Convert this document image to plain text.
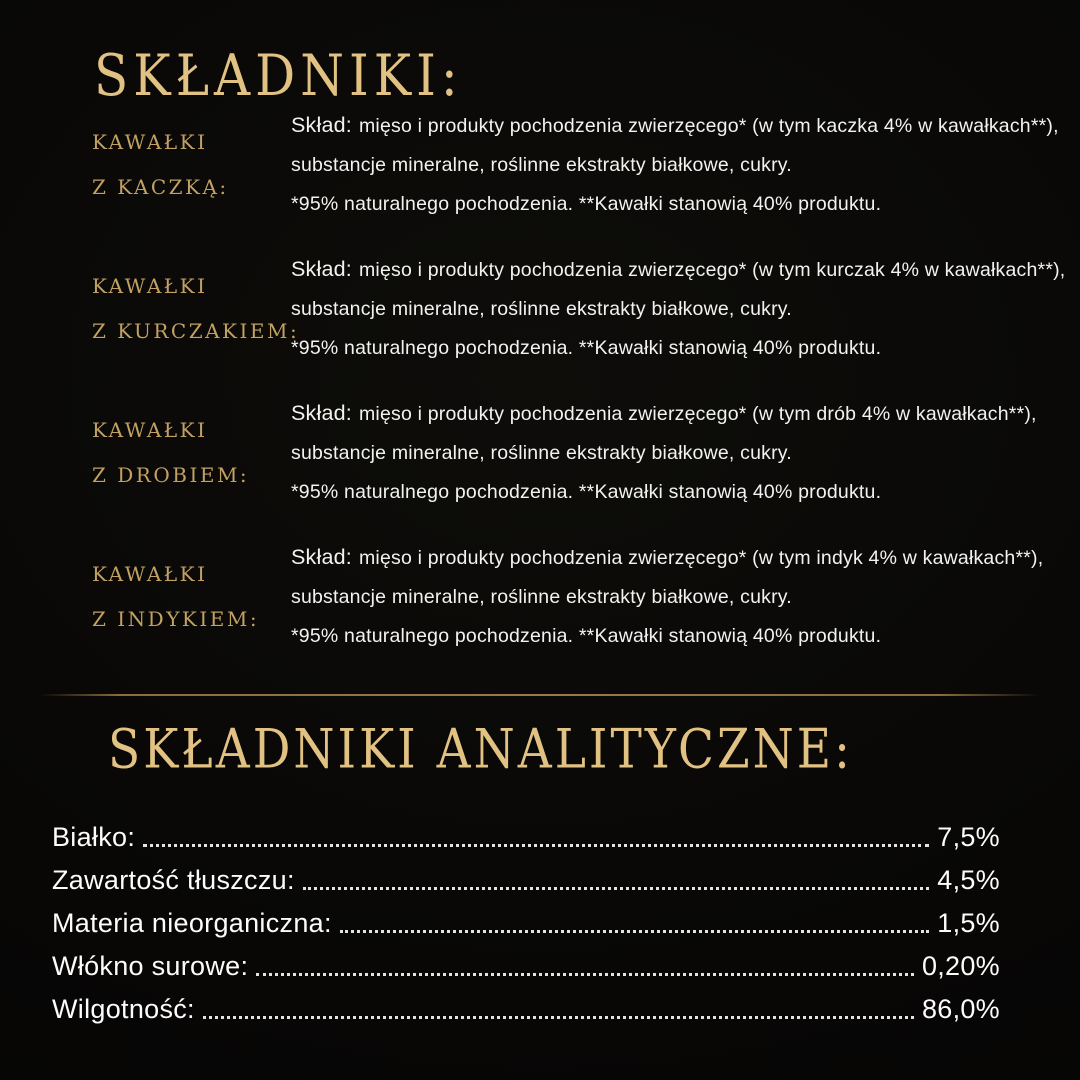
SKŁADNIKI:
KAWAŁKI
Z KACZKĄ:

Skład: mięso i produkty pochodzenia zwierzęcego* (w tym kaczka 4% w kawałkach**),

substancje mineralne, roślinne ekstrakty białkowe, cukry.

*95% naturalnego pochodzenia. **Kawałki stanowią 40% produktu.

KAWAŁKI
Z KURCZAKIEM:

Skład: mięso i produkty pochodzenia zwierzęcego* (w tym kurczak 4% w kawałkach**),

substancje mineralne, roślinne ekstrakty białkowe, cukry.

*95% naturalnego pochodzenia. **Kawałki stanowią 40% produktu.

KAWAŁKI
Z DROBIEM:

Skład: mięso i produkty pochodzenia zwierzęcego* (w tym drób 4% w kawałkach**),

substancje mineralne, roślinne ekstrakty białkowe, cukry.

*95% naturalnego pochodzenia. **Kawałki stanowią 40% produktu.

KAWAŁKI
Z INDYKIEM:

Skład: mięso i produkty pochodzenia zwierzęcego* (w tym indyk 4% w kawałkach**),

substancje mineralne, roślinne ekstrakty białkowe, cukry.

*95% naturalnego pochodzenia. **Kawałki stanowią 40% produktu.

SKŁADNIKI ANALITYCZNE:
Białko:	7,5%
Zawartość tłuszczu:	4,5%
Materia nieorganiczna:	1,5%
Włókno surowe:	0,20%
Wilgotność:	86,0%
